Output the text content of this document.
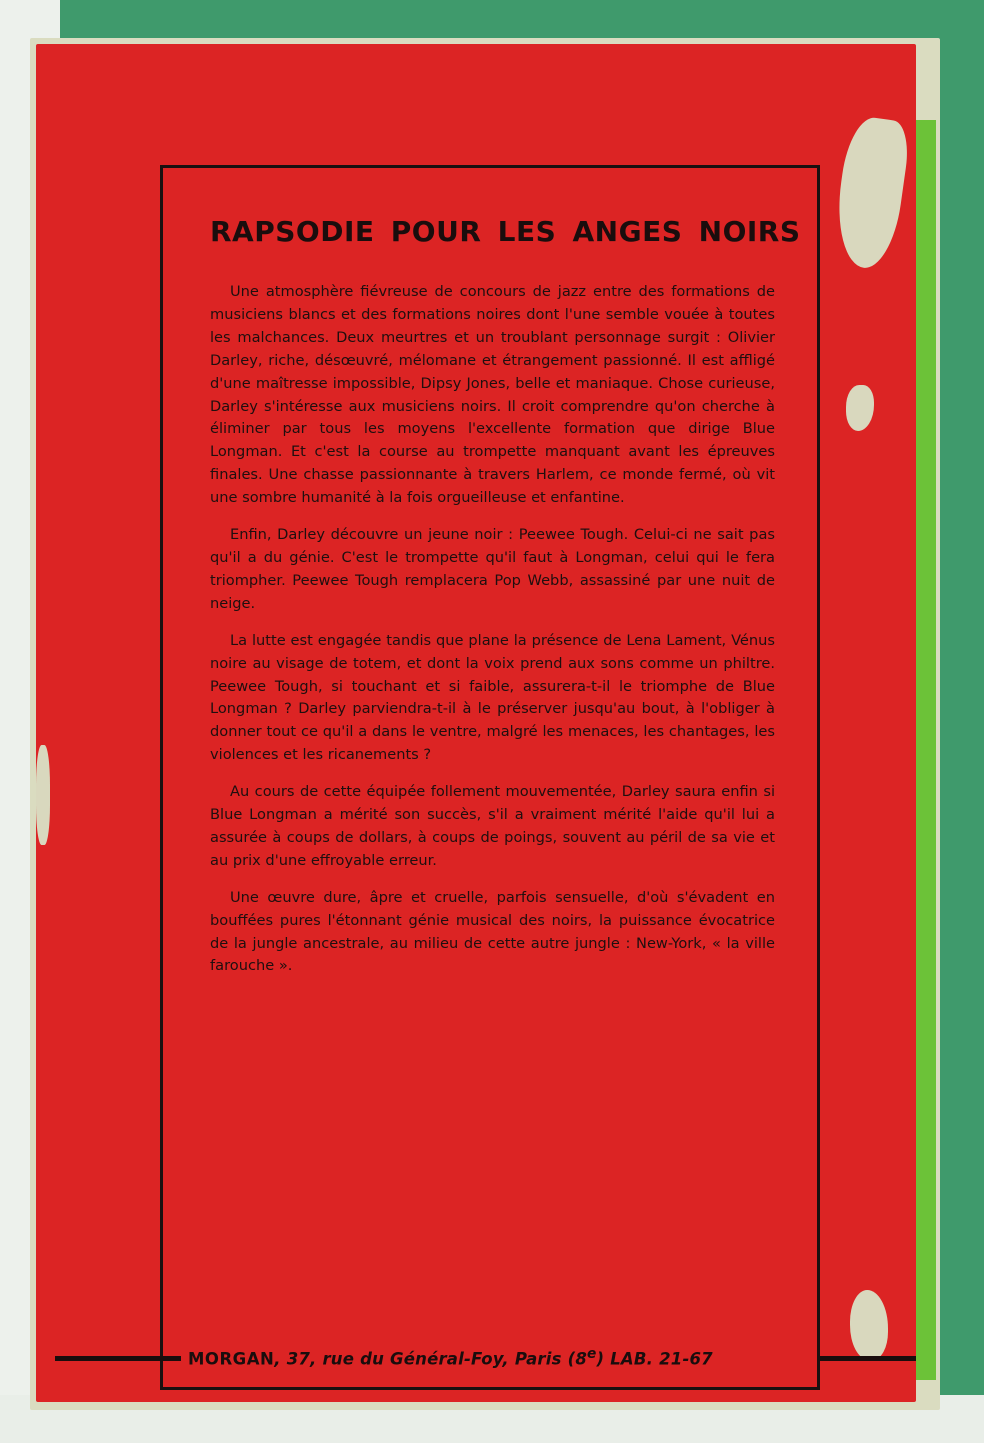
RAPSODIE POUR LES ANGES NOIRS

Une atmosphère fiévreuse de concours de jazz entre des formations de musiciens blancs et des formations noires dont l'une semble vouée à toutes les malchances. Deux meurtres et un troublant personnage surgit : Olivier Darley, riche, désœuvré, mélomane et étrangement passionné. Il est affligé d'une maîtresse impossible, Dipsy Jones, belle et maniaque. Chose curieuse, Darley s'intéresse aux musiciens noirs. Il croit comprendre qu'on cherche à éliminer par tous les moyens l'excellente formation que dirige Blue Longman. Et c'est la course au trompette manquant avant les épreuves finales. Une chasse passionnante à travers Harlem, ce monde fermé, où vit une sombre humanité à la fois orgueilleuse et enfantine.

Enfin, Darley découvre un jeune noir : Peewee Tough. Celui-ci ne sait pas qu'il a du génie. C'est le trompette qu'il faut à Longman, celui qui le fera triompher. Peewee Tough remplacera Pop Webb, assassiné par une nuit de neige.

La lutte est engagée tandis que plane la présence de Lena Lament, Vénus noire au visage de totem, et dont la voix prend aux sons comme un philtre. Peewee Tough, si touchant et si faible, assurera-t-il le triomphe de Blue Longman ? Darley parviendra-t-il à le préserver jusqu'au bout, à l'obliger à donner tout ce qu'il a dans le ventre, malgré les menaces, les chantages, les violences et les ricanements ?

Au cours de cette équipée follement mouvementée, Darley saura enfin si Blue Longman a mérité son succès, s'il a vraiment mérité l'aide qu'il lui a assurée à coups de dollars, à coups de poings, souvent au péril de sa vie et au prix d'une effroyable erreur.

Une œuvre dure, âpre et cruelle, parfois sensuelle, d'où s'évadent en bouffées pures l'étonnant génie musical des noirs, la puissance évocatrice de la jungle ancestrale, au milieu de cette autre jungle : New-York, « la ville farouche ».

MORGAN, 37, rue du Général-Foy, Paris (8e) LAB. 21-67
